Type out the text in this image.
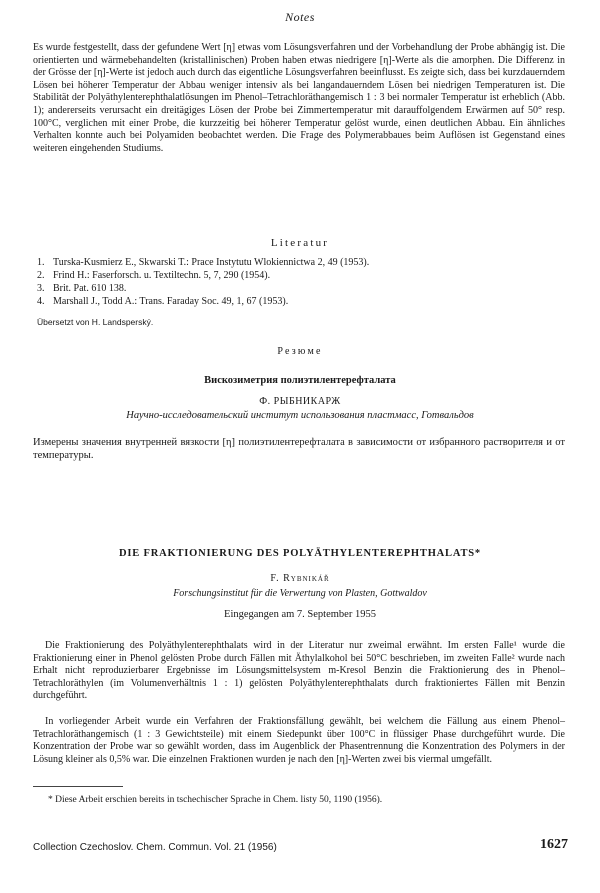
Notes

Es wurde festgestellt, dass der gefundene Wert [η] etwas vom Lösungsverfahren und der Vorbehandlung der Probe abhängig ist. Die orientierten und wärmebehandelten (kristallinischen) Proben haben etwas niedrigere [η]-Werte als die amorphen. Die Differenz in der Grösse der [η]-Werte ist jedoch auch durch das eigentliche Lösungsverfahren beeinflusst. Es zeigte sich, dass bei kurzdauerndem Lösen bei höherer Temperatur der Abbau weniger intensiv als bei langandauerndem Lösen bei niedrigen Temperaturen ist. Die Stabilität der Polyäthylenterephthalatlösungen im Phenol–Tetrachloräthangemisch 1 : 3 bei normaler Temperatur ist erheblich (Abb. 1); andererseits verursacht ein dreitägiges Lösen der Probe bei Zimmertemperatur mit darauffolgendem Erwärmen auf 50° resp. 100°C, verglichen mit einer Probe, die kurzzeitig bei höherer Temperatur gelöst wurde, einen deutlichen Abbau. Ein ähnliches Verhalten konnte auch bei Polyamiden beobachtet werden. Die Frage des Polymerabbaues beim Auflösen ist Gegenstand eines weiteren eingehenden Studiums.

Literatur
1. Turska-Kusmierz E., Skwarski T.: Prace Instytutu Wlokiennictwa 2, 49 (1953).
2. Frind H.: Faserforsch. u. Textiltechn. 5, 7, 290 (1954).
3. Brit. Pat. 610 138.
4. Marshall J., Todd A.: Trans. Faraday Soc. 49, 1, 67 (1953).
Übersetzt von H. Landsperský.
Резюме
Вискозиметрия полиэтилентерефталата
Ф. РЫБНИКАРЖ
Научно-исследовательский институт использования пластмасс, Готвальдов

Измерены значения внутренней вязкости [η] полиэтилентерефталата в зависимости от избранного растворителя и от температуры.

DIE FRAKTIONIERUNG DES POLYÄTHYLENTEREPHTHALATS*
F. Rybnikář
Forschungsinstitut für die Verwertung von Plasten, Gottwaldov
Eingegangen am 7. September 1955

Die Fraktionierung des Polyäthylenterephthalats wird in der Literatur nur zweimal erwähnt. Im ersten Falle¹ wurde die Fraktionierung einer in Phenol gelösten Probe durch Fällen mit Äthylalkohol bei 50°C beschrieben, im zweiten Falle² wurde nach Erhalt nicht reproduzierbarer Ergebnisse im Lösungsmittelsystem m-Kresol Benzin die Fraktionierung des in Phenol–Tetrachloräthylen (im Volumenverhältnis 1 : 1) gelösten Polyäthylenterephthalats durch fraktioniertes Fällen mit Benzin durchgeführt.

In vorliegender Arbeit wurde ein Verfahren der Fraktionsfällung gewählt, bei welchem die Fällung aus einem Phenol–Tetrachloräthangemisch (1 : 3 Gewichtsteile) mit einem Siedepunkt über 100°C in flüssiger Phase durchgeführt wurde. Die Konzentration der Probe war so gewählt worden, dass im Augenblick der Phasentrennung die Konzentration des Polymers in der Lösung kleiner als 0,5% war. Die einzelnen Fraktionen wurden je nach den [η]-Werten zwei bis viermal umgefällt.

* Diese Arbeit erschien bereits in tschechischer Sprache in Chem. listy 50, 1190 (1956).
Collection Czechoslov. Chem. Commun. Vol. 21 (1956)	1627
